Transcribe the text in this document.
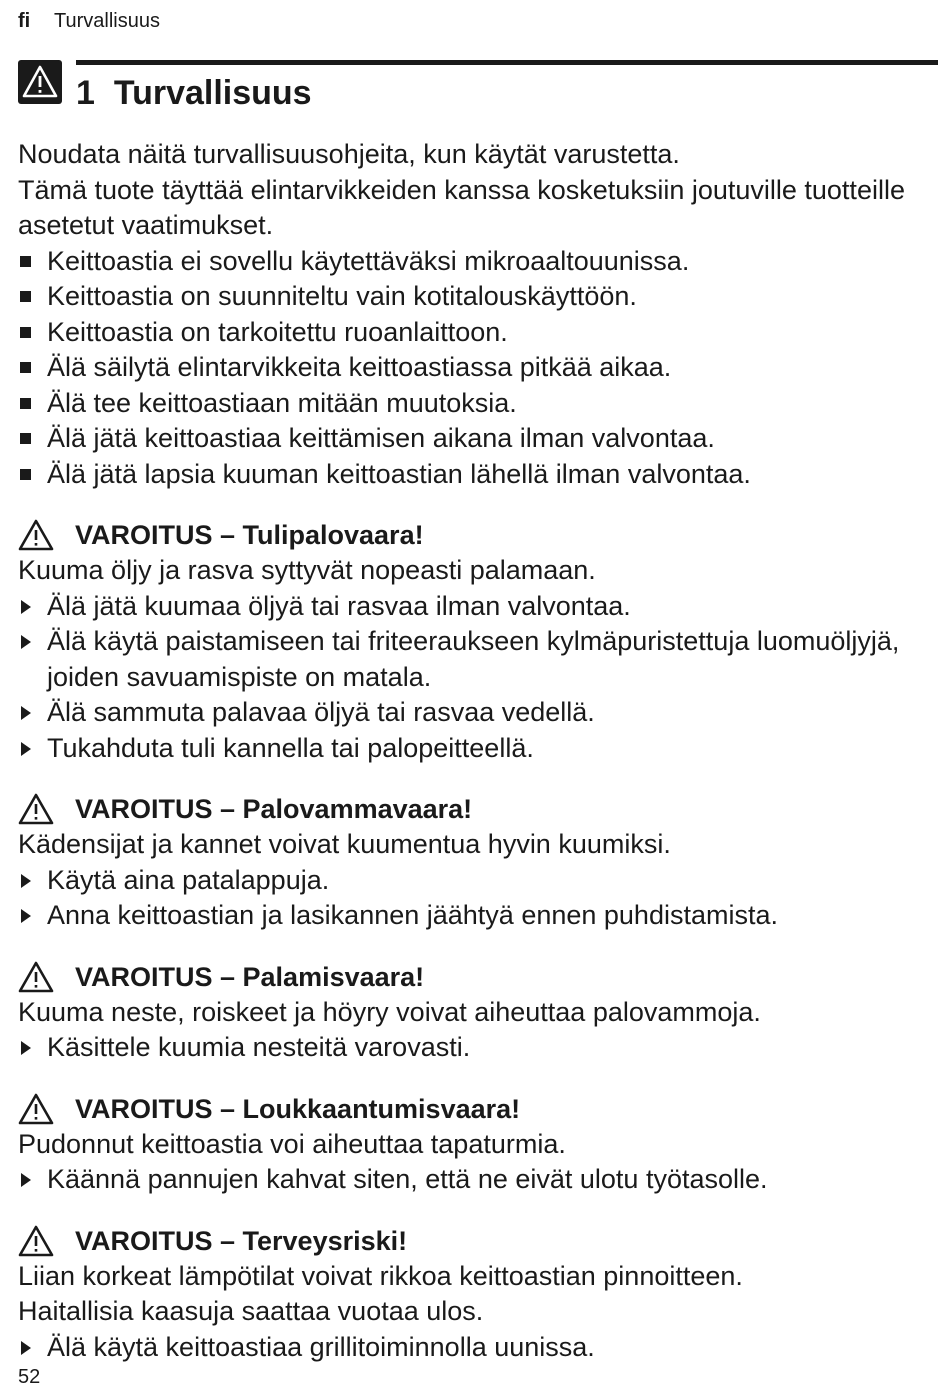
fi Turvallisuus
1 Turvallisuus

Noudata näitä turvallisuusohjeita, kun käytät varustetta.

Tämä tuote täyttää elintarvikkeiden kanssa kosketuksiin joutuville tuotteille asetetut vaatimukset.

Keittoastia ei sovellu käytettäväksi mikroaaltouunissa.
Keittoastia on suunniteltu vain kotitalouskäyttöön.
Keittoastia on tarkoitettu ruoanlaittoon.
Älä säilytä elintarvikkeita keittoastiassa pitkää aikaa.
Älä tee keittoastiaan mitään muutoksia.
Älä jätä keittoastiaa keittämisen aikana ilman valvontaa.
Älä jätä lapsia kuuman keittoastian lähellä ilman valvontaa.
VAROITUS – Tulipalovaara!

Kuuma öljy ja rasva syttyvät nopeasti palamaan.

Älä jätä kuumaa öljyä tai rasvaa ilman valvontaa.
Älä käytä paistamiseen tai friteeraukseen kylmäpuristettuja luomuöljyjä, joiden savuamispiste on matala.
Älä sammuta palavaa öljyä tai rasvaa vedellä.
Tukahduta tuli kannella tai palopeitteellä.
VAROITUS – Palovammavaara!

Kädensijat ja kannet voivat kuumentua hyvin kuumiksi.

Käytä aina patalappuja.
Anna keittoastian ja lasikannen jäähtyä ennen puhdistamista.
VAROITUS – Palamisvaara!

Kuuma neste, roiskeet ja höyry voivat aiheuttaa palovammoja.

Käsittele kuumia nesteitä varovasti.
VAROITUS – Loukkaantumisvaara!

Pudonnut keittoastia voi aiheuttaa tapaturmia.

Käännä pannujen kahvat siten, että ne eivät ulotu työtasolle.
VAROITUS – Terveysriski!

Liian korkeat lämpötilat voivat rikkoa keittoastian pinnoitteen.

Haitallisia kaasuja saattaa vuotaa ulos.

Älä käytä keittoastiaa grillitoiminnolla uunissa.
52
